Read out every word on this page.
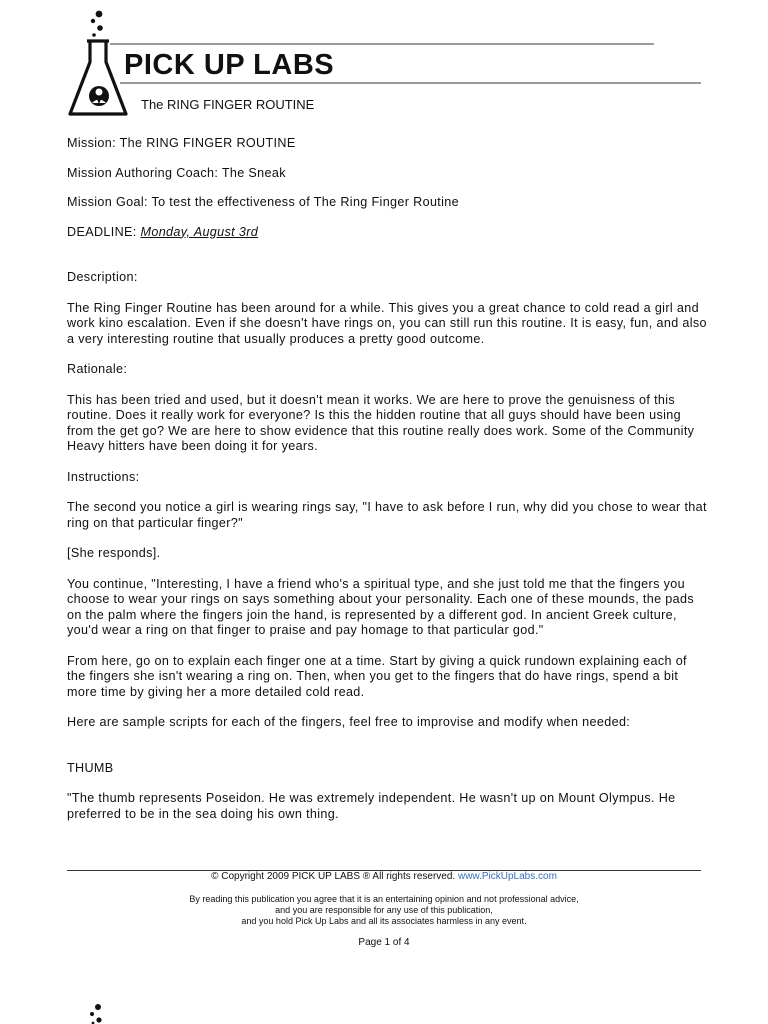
PICK UP LABS
The RING FINGER ROUTINE

Mission: The RING FINGER ROUTINE

Mission Authoring Coach: The Sneak

Mission Goal: To test the effectiveness of The Ring Finger Routine

DEADLINE: Monday, August 3rd

Description:

The Ring Finger Routine has been around for a while. This gives you a great chance to cold read a girl and work kino escalation. Even if she doesn't have rings on, you can still run this routine. It is easy, fun, and also a very interesting routine that usually produces a pretty good outcome.

Rationale:

This has been tried and used, but it doesn't mean it works. We are here to prove the genuisness of this routine. Does it really work for everyone? Is this the hidden routine that all guys should have been using from the get go? We are here to show evidence that this routine really does work. Some of the Community Heavy hitters have been doing it for years.

Instructions:

The second you notice a girl is wearing rings say, "I have to ask before I run, why did you chose to wear that ring on that particular finger?"

[She responds].

You continue, "Interesting, I have a friend who's a spiritual type, and she just told me that the fingers you choose to wear your rings on says something about your personality. Each one of these mounds, the pads on the palm where the fingers join the hand, is represented by a different god. In ancient Greek culture, you'd wear a ring on that finger to praise and pay homage to that particular god."

From here, go on to explain each finger one at a time. Start by giving a quick rundown explaining each of the fingers she isn't wearing a ring on. Then, when you get to the fingers that do have rings, spend a bit more time by giving her a more detailed cold read.

Here are sample scripts for each of the fingers, feel free to improvise and modify when needed:

THUMB

"The thumb represents Poseidon. He was extremely independent. He wasn't up on Mount Olympus. He preferred to be in the sea doing his own thing.

© Copyright 2009 PICK UP LABS ® All rights reserved. www.PickUpLabs.com
By reading this publication you agree that it is an entertaining opinion and not professional advice,
and you are responsible for any use of this publication,
and you hold Pick Up Labs and all its associates harmless in any event.
Page 1 of 4
